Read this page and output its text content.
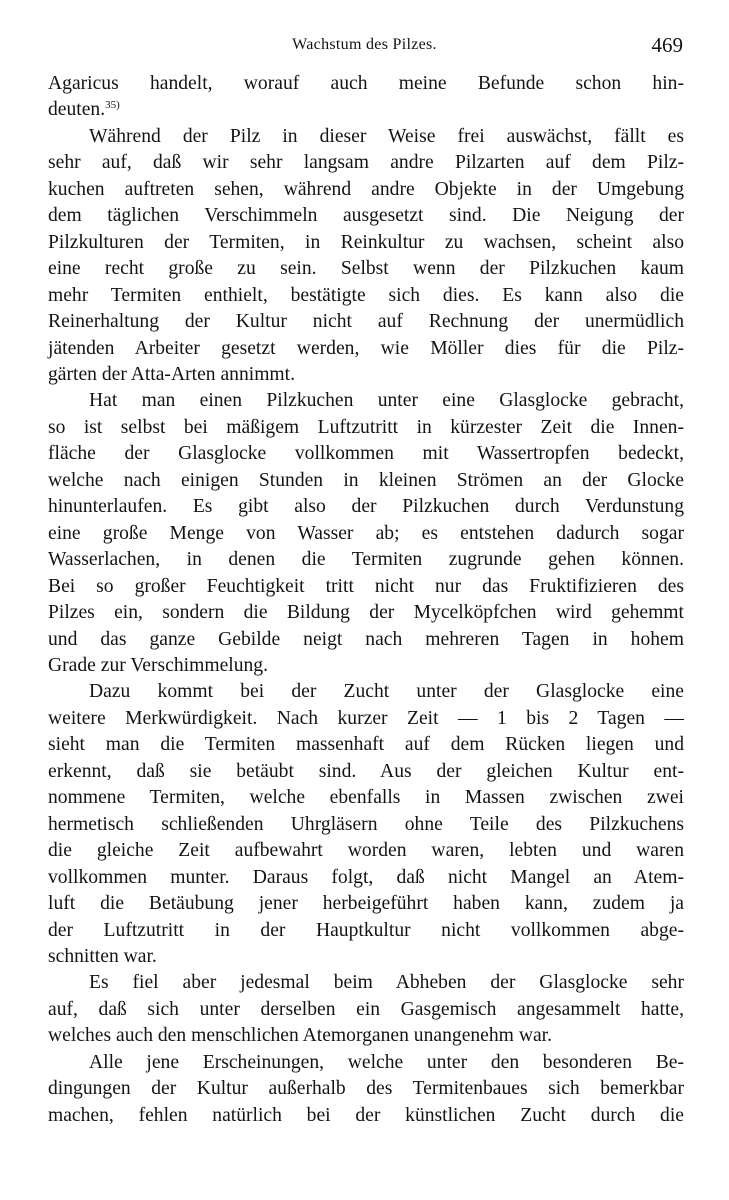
Wachstum des Pilzes.	469
Agaricus handelt, worauf auch meine Befunde schon hin-
deuten.$^{35)}$
Während der Pilz in dieser Weise frei auswächst, fällt es
sehr auf, daß wir sehr langsam andre Pilzarten auf dem Pilz-
kuchen auftreten sehen, während andre Objekte in der Umgebung
dem täglichen Verschimmeln ausgesetzt sind. Die Neigung der
Pilzkulturen der Termiten, in Reinkultur zu wachsen, scheint also
eine recht große zu sein. Selbst wenn der Pilzkuchen kaum
mehr Termiten enthielt, bestätigte sich dies. Es kann also die
Reinerhaltung der Kultur nicht auf Rechnung der unermüdlich
jätenden Arbeiter gesetzt werden, wie Möller dies für die Pilz-
gärten der Atta-Arten annimmt.
Hat man einen Pilzkuchen unter eine Glasglocke gebracht,
so ist selbst bei mäßigem Luftzutritt in kürzester Zeit die Innen-
fläche der Glasglocke vollkommen mit Wassertropfen bedeckt,
welche nach einigen Stunden in kleinen Strömen an der Glocke
hinunterlaufen. Es gibt also der Pilzkuchen durch Verdunstung
eine große Menge von Wasser ab; es entstehen dadurch sogar
Wasserlachen, in denen die Termiten zugrunde gehen können.
Bei so großer Feuchtigkeit tritt nicht nur das Fruktifizieren des
Pilzes ein, sondern die Bildung der Mycelköpfchen wird gehemmt
und das ganze Gebilde neigt nach mehreren Tagen in hohem
Grade zur Verschimmelung.
Dazu kommt bei der Zucht unter der Glasglocke eine
weitere Merkwürdigkeit. Nach kurzer Zeit — 1 bis 2 Tagen —
sieht man die Termiten massenhaft auf dem Rücken liegen und
erkennt, daß sie betäubt sind. Aus der gleichen Kultur ent-
nommene Termiten, welche ebenfalls in Massen zwischen zwei
hermetisch schließenden Uhrgläsern ohne Teile des Pilzkuchens
die gleiche Zeit aufbewahrt worden waren, lebten und waren
vollkommen munter. Daraus folgt, daß nicht Mangel an Atem-
luft die Betäubung jener herbeigeführt haben kann, zudem ja
der Luftzutritt in der Hauptkultur nicht vollkommen abge-
schnitten war.
Es fiel aber jedesmal beim Abheben der Glasglocke sehr
auf, daß sich unter derselben ein Gasgemisch angesammelt hatte,
welches auch den menschlichen Atemorganen unangenehm war.
Alle jene Erscheinungen, welche unter den besonderen Be-
dingungen der Kultur außerhalb des Termitenbaues sich bemerkbar
machen, fehlen natürlich bei der künstlichen Zucht durch die
